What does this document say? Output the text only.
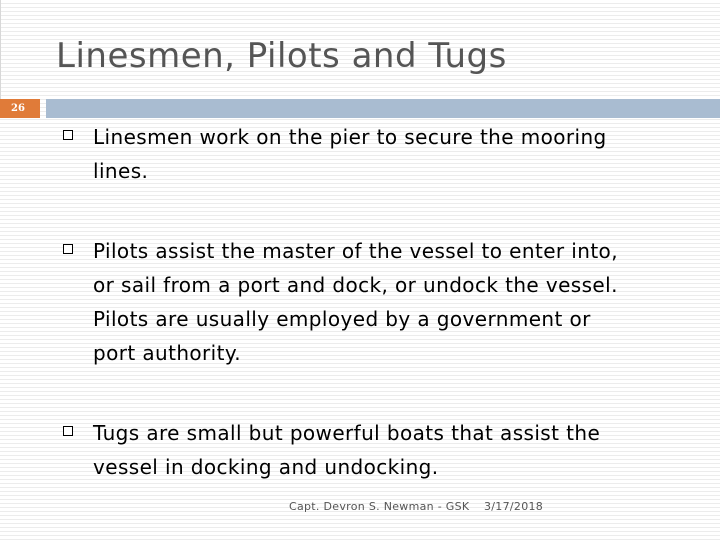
Linesmen, Pilots and Tugs
26
Linesmen work on the pier to secure the mooring
lines.
Pilots assist the master of the vessel to enter into,
or sail from a port and dock, or undock the vessel.
Pilots are usually employed by a government or
port authority.
Tugs are small but powerful boats that assist the
vessel in docking and undocking.
Capt. Devron S. Newman - GSK 3/17/2018
